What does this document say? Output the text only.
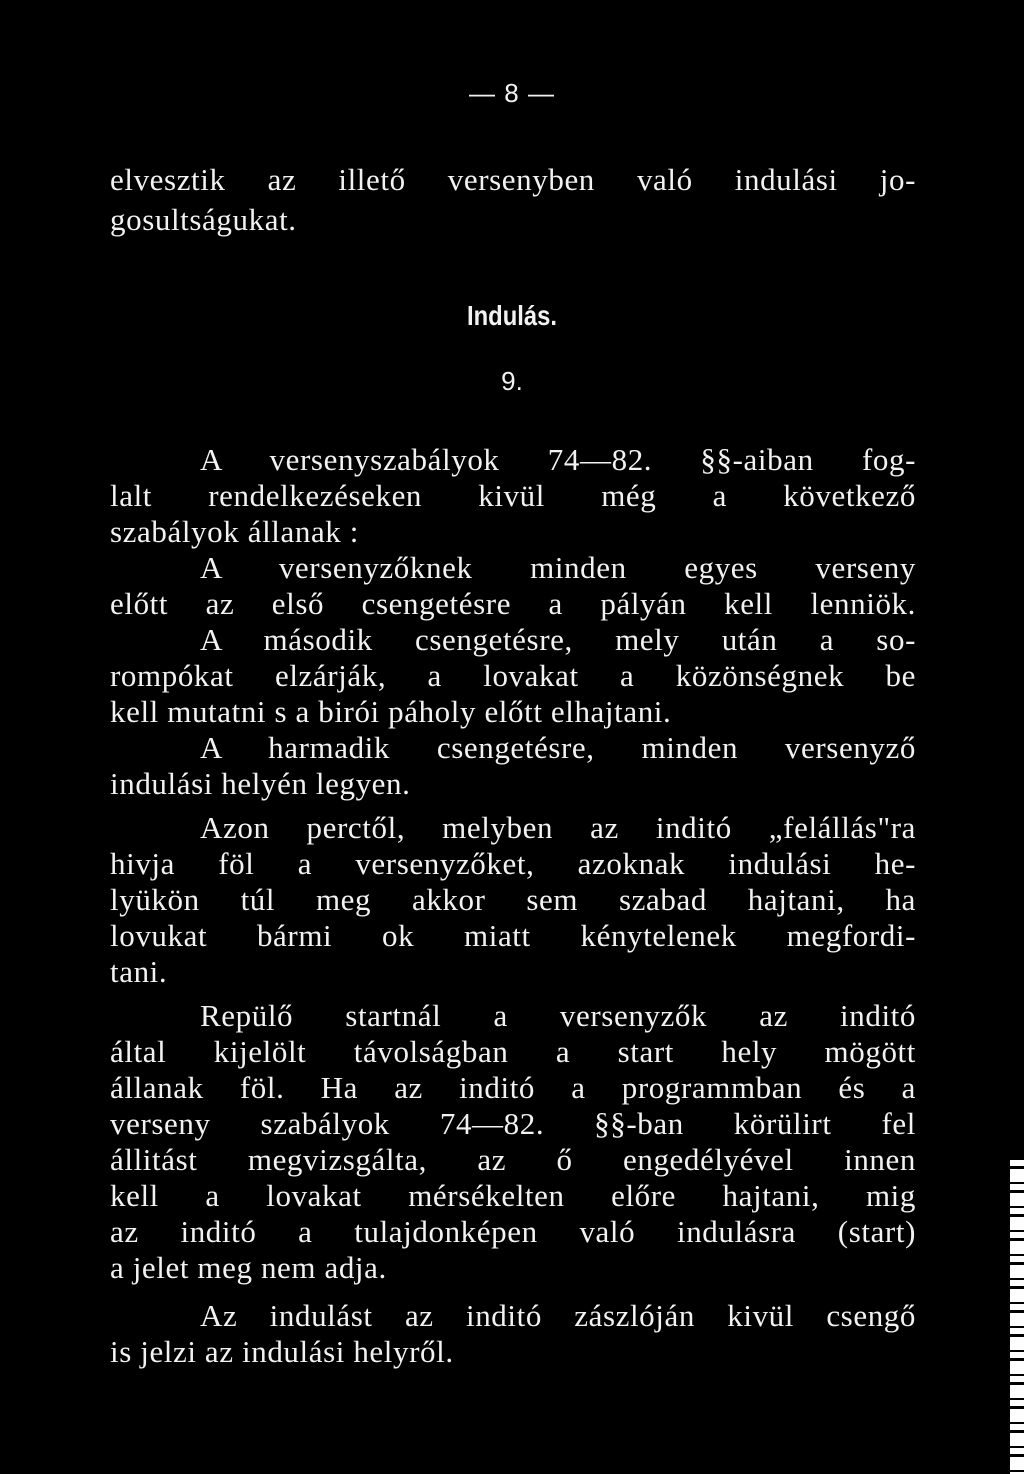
— 8 —
elvesztik az illető versenyben való indulási jo-
gosultságukat.
Indulás.
9.
A versenyszabályok 74—82. §§-aiban fog-
lalt rendelkezéseken kivül még a következő
szabályok állanak :
A versenyzőknek minden egyes verseny
előtt az első csengetésre a pályán kell lenniök.
A második csengetésre, mely után a so-
rompókat elzárják, a lovakat a közönségnek be
kell mutatni s a birói páholy előtt elhajtani.
A harmadik csengetésre, minden versenyző
indulási helyén legyen.
Azon perctől, melyben az inditó „felállás"ra
hivja föl a versenyzőket, azoknak indulási he-
lyükön túl meg akkor sem szabad hajtani, ha
lovukat bármi ok miatt kénytelenek megfordi-
tani.
Repülő startnál a versenyzők az inditó
által kijelölt távolságban a start hely mögött
állanak föl. Ha az inditó a programmban és a
verseny szabályok 74—82. §§-ban körülirt fel
állitást megvizsgálta, az ő engedélyével innen
kell a lovakat mérsékelten előre hajtani, mig
az inditó a tulajdonképen való indulásra (start)
a jelet meg nem adja.
Az indulást az inditó zászlóján kivül csengő
is jelzi az indulási helyről.
